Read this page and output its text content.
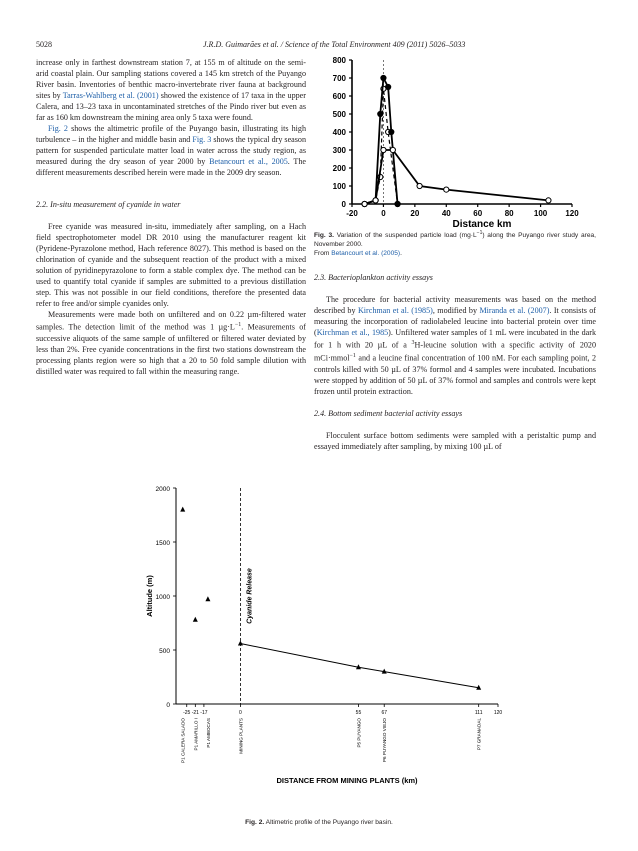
5028	J.R.D. Guimarães et al. / Science of the Total Environment 409 (2011) 5026–5033

increase only in farthest downstream station 7, at 155 m of altitude on the semi-arid coastal plain. Our sampling stations covered a 145 km stretch of the Puyango River basin. Inventories of benthic macro-invertebrate river fauna at background sites by Tarras-Wahlberg et al. (2001) showed the existence of 17 taxa in the upper Calera, and 13–23 taxa in uncontaminated stretches of the Pindo river but even as far as 160 km downstream the mining area only 5 taxa were found.

Fig. 2 shows the altimetric profile of the Puyango basin, illustrating its high turbulence – in the higher and middle basin and Fig. 3 shows the typical dry season pattern for suspended particulate matter load in water across the study region, as measured during the dry season of year 2000 by Betancourt et al., 2005. The different measurements described herein were made in the 2009 dry season.

2.2. In-situ measurement of cyanide in water

Free cyanide was measured in-situ, immediately after sampling, on a Hach field spectrophotometer model DR 2010 using the manufacturer reagent kit (Pyridene-Pyrazolone method, Hach reference 8027). This method is based on the chlorination of cyanide and the subsequent reaction of the product with a mixed solution of pyridinepyrazolone to form a stable complex dye. The method can be used to quantify total cyanide if samples are submitted to a previous distillation step. This was not possible in our field conditions, therefore the presented data refer to free and/or simple cyanides only.

Measurements were made both on unfiltered and on 0.22 µm-filtered water samples. The detection limit of the method was 1 $\mu g\cdot L^{-1}$. Measurements of successive aliquots of the same sample of unfiltered or filtered water deviated by less than 2%. Free cyanide concentrations in the first two stations downstream the processing plants region were so high that a 20 to 50 fold sample dilution with distilled water was required to fall within the measuring range.

0
100
200
300
400
500
600
700
800
-20	0	20	40	60	80	100 120
Distance km
Fig. 3. Variation of the suspended particle load $(mg\cdot L^{-1})$ along the Puyango river study area, November 2000.
From Betancourt et al. (2005).

2.3. Bacterioplankton activity essays

The procedure for bacterial activity measurements was based on the method described by Kirchman et al. (1985), modified by Miranda et al. (2007). It consists of measuring the incorporation of radiolabeled leucine into bacterial protein over time (Kirchman et al., 1985). Unfiltered water samples of 1 mL were incubated in the dark for 1 h with 20 µL of a $^3$H-leucine solution with a specific activity of 2020 mCi·mmol$^{-1}$ and a leucine final concentration of 100 nM. For each sampling point, 2 controls killed with 50 µL of 37% formol and 4 samples were incubated. Incubations were stopped by addition of 50 µL of 37% formol and samples and controls were kept frozen until protein extraction.

2.4. Bottom sediment bacterial activity essays

Flocculent surface bottom sediments were sampled with a peristaltic pump and essayed immediately after sampling, by mixing 100 µL of

0
500
1000
1500
2000
Altitude (m)	Cyanide Release
-25 -21 -17	0	55	67	111 120
P1 CALERA SALADO P1 AMARILLO I P1 AMBOCAS	MINING PLANTS	P5 PUYANGO	P6 PUYANGO VIEJO	P7 GRANADAL
DISTANCE FROM MINING PLANTS (km)
Fig. 2. Altimetric profile of the Puyango river basin.
